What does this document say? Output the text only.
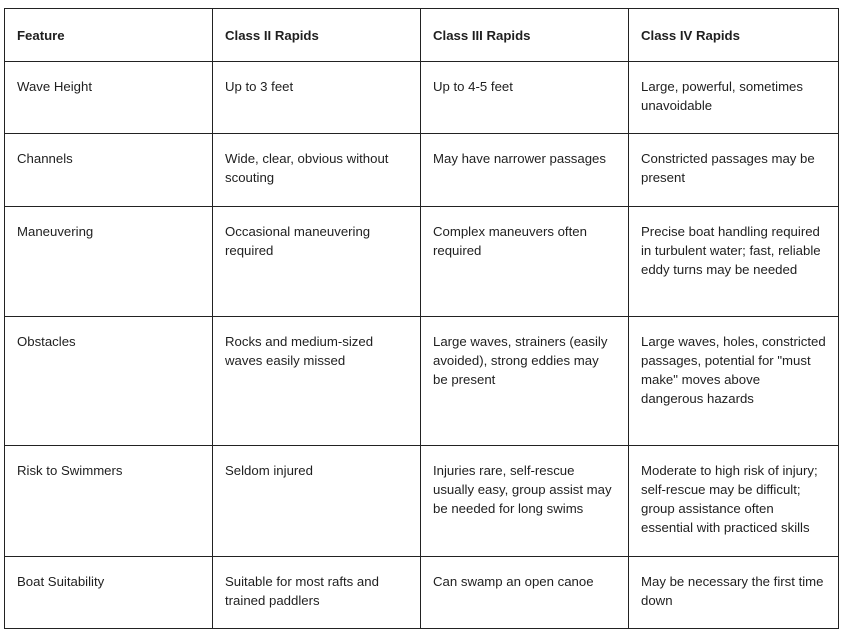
Feature	Class II Rapids	Class III Rapids	Class IV Rapids
Wave Height	Up to 3 feet	Up to 4-5 feet	Large, powerful, sometimes unavoidable
Channels	Wide, clear, obvious without scouting	May have narrower passages	Constricted passages may be present
Maneuvering	Occasional maneuvering required	Complex maneuvers often required	Precise boat handling required in turbulent water; fast, reliable eddy turns may be needed
Obstacles	Rocks and medium-sized waves easily missed	Large waves, strainers (easily avoided), strong eddies may be present	Large waves, holes, constricted passages, potential for "must make" moves above dangerous hazards
Risk to Swimmers	Seldom injured	Injuries rare, self-rescue usually easy, group assist may be needed for long swims	Moderate to high risk of injury; self-rescue may be difficult; group assistance often essential with practiced skills
Boat Suitability	Suitable for most rafts and trained paddlers	Can swamp an open canoe	May be necessary the first time down
